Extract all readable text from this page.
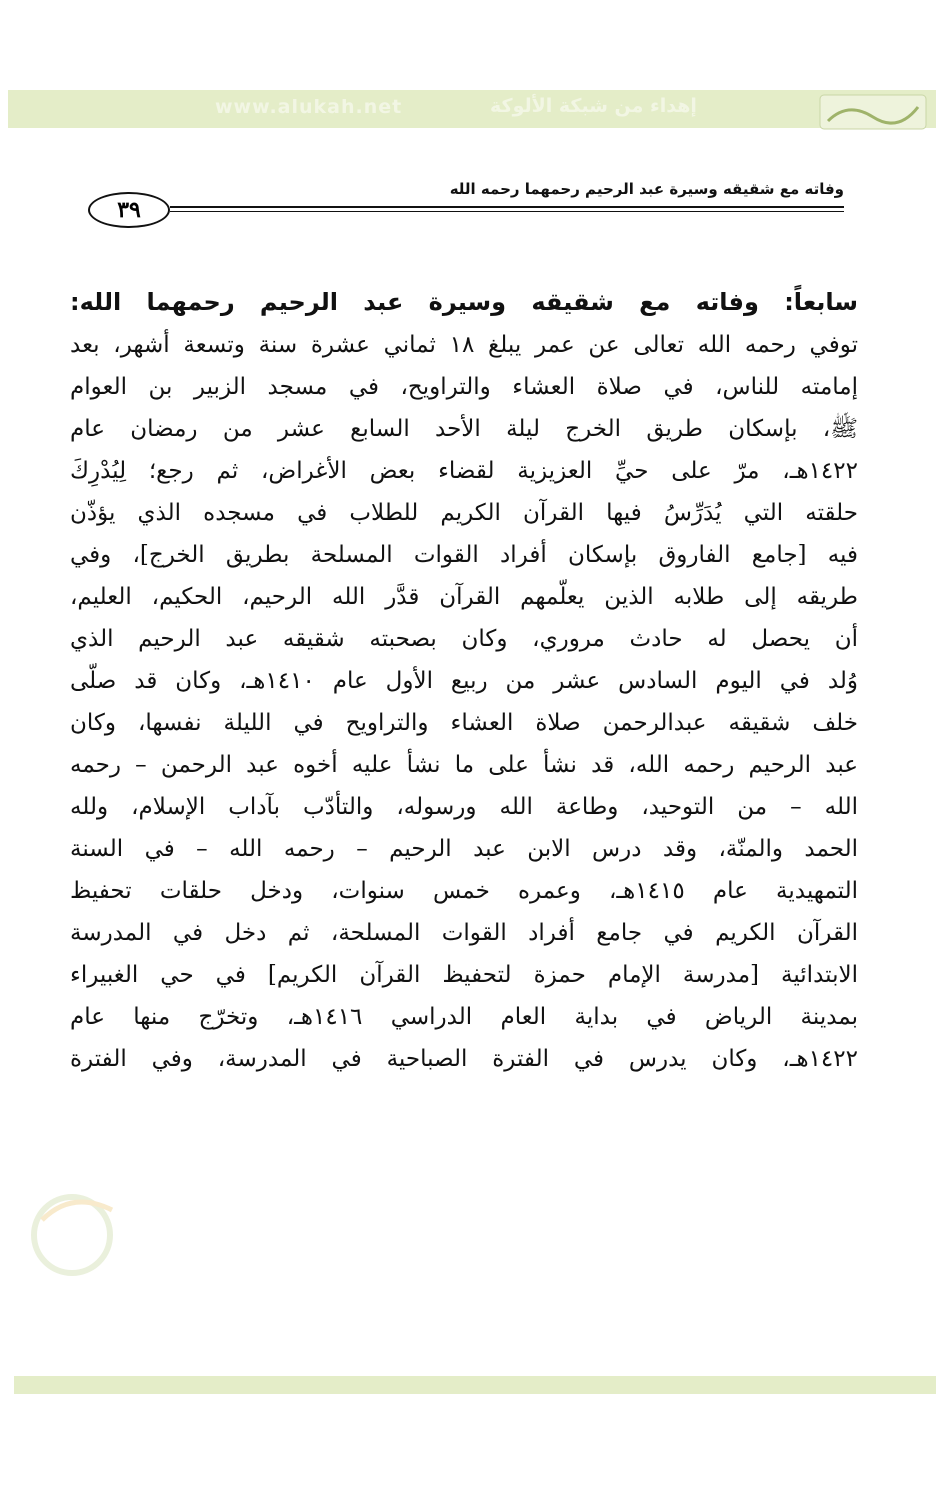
www.alukah.net	إهداء من شبكة الألوكة
وفاته مع شقيقه وسيرة عبد الرحيم رحمهما رحمه الله
٣٩
سابعاً: وفاته مع شقيقه وسيرة عبد الرحيم رحمهما الله:
توفي رحمه الله تعالى عن عمر يبلغ ١٨ ثماني عشرة سنة وتسعة أشهر، بعد
إمامته للناس، في صلاة العشاء والتراويح، في مسجد الزبير بن العوام
ﷺ، بإسكان طريق الخرج ليلة الأحد السابع عشر من رمضان عام
١٤٢٢هـ، مرّ على حيِّ العزيزية لقضاء بعض الأغراض، ثم رجع؛ لِيُدْرِكَ
حلقته التي يُدَرِّسُ فيها القرآن الكريم للطلاب في مسجده الذي يؤذّن
فيه [جامع الفاروق بإسكان أفراد القوات المسلحة بطريق الخرج]، وفي
طريقه إلى طلابه الذين يعلّمهم القرآن قدَّر الله الرحيم، الحكيم، العليم،
أن يحصل له حادث مروري، وكان بصحبته شقيقه عبد الرحيم الذي
وُلد في اليوم السادس عشر من ربيع الأول عام ١٤١٠هـ، وكان قد صلّى
خلف شقيقه عبدالرحمن صلاة العشاء والتراويح في الليلة نفسها، وكان
عبد الرحيم رحمه الله، قد نشأ على ما نشأ عليه أخوه عبد الرحمن – رحمه
الله – من التوحيد، وطاعة الله ورسوله، والتأدّب بآداب الإسلام، ولله
الحمد والمنّة، وقد درس الابن عبد الرحيم – رحمه الله – في السنة
التمهيدية عام ١٤١٥هـ، وعمره خمس سنوات، ودخل حلقات تحفيظ
القرآن الكريم في جامع أفراد القوات المسلحة، ثم دخل في المدرسة
الابتدائية [مدرسة الإمام حمزة لتحفيظ القرآن الكريم] في حي الغبيراء
بمدينة الرياض في بداية العام الدراسي ١٤١٦هـ، وتخرّج منها عام
١٤٢٢هـ، وكان يدرس في الفترة الصباحية في المدرسة، وفي الفترة
